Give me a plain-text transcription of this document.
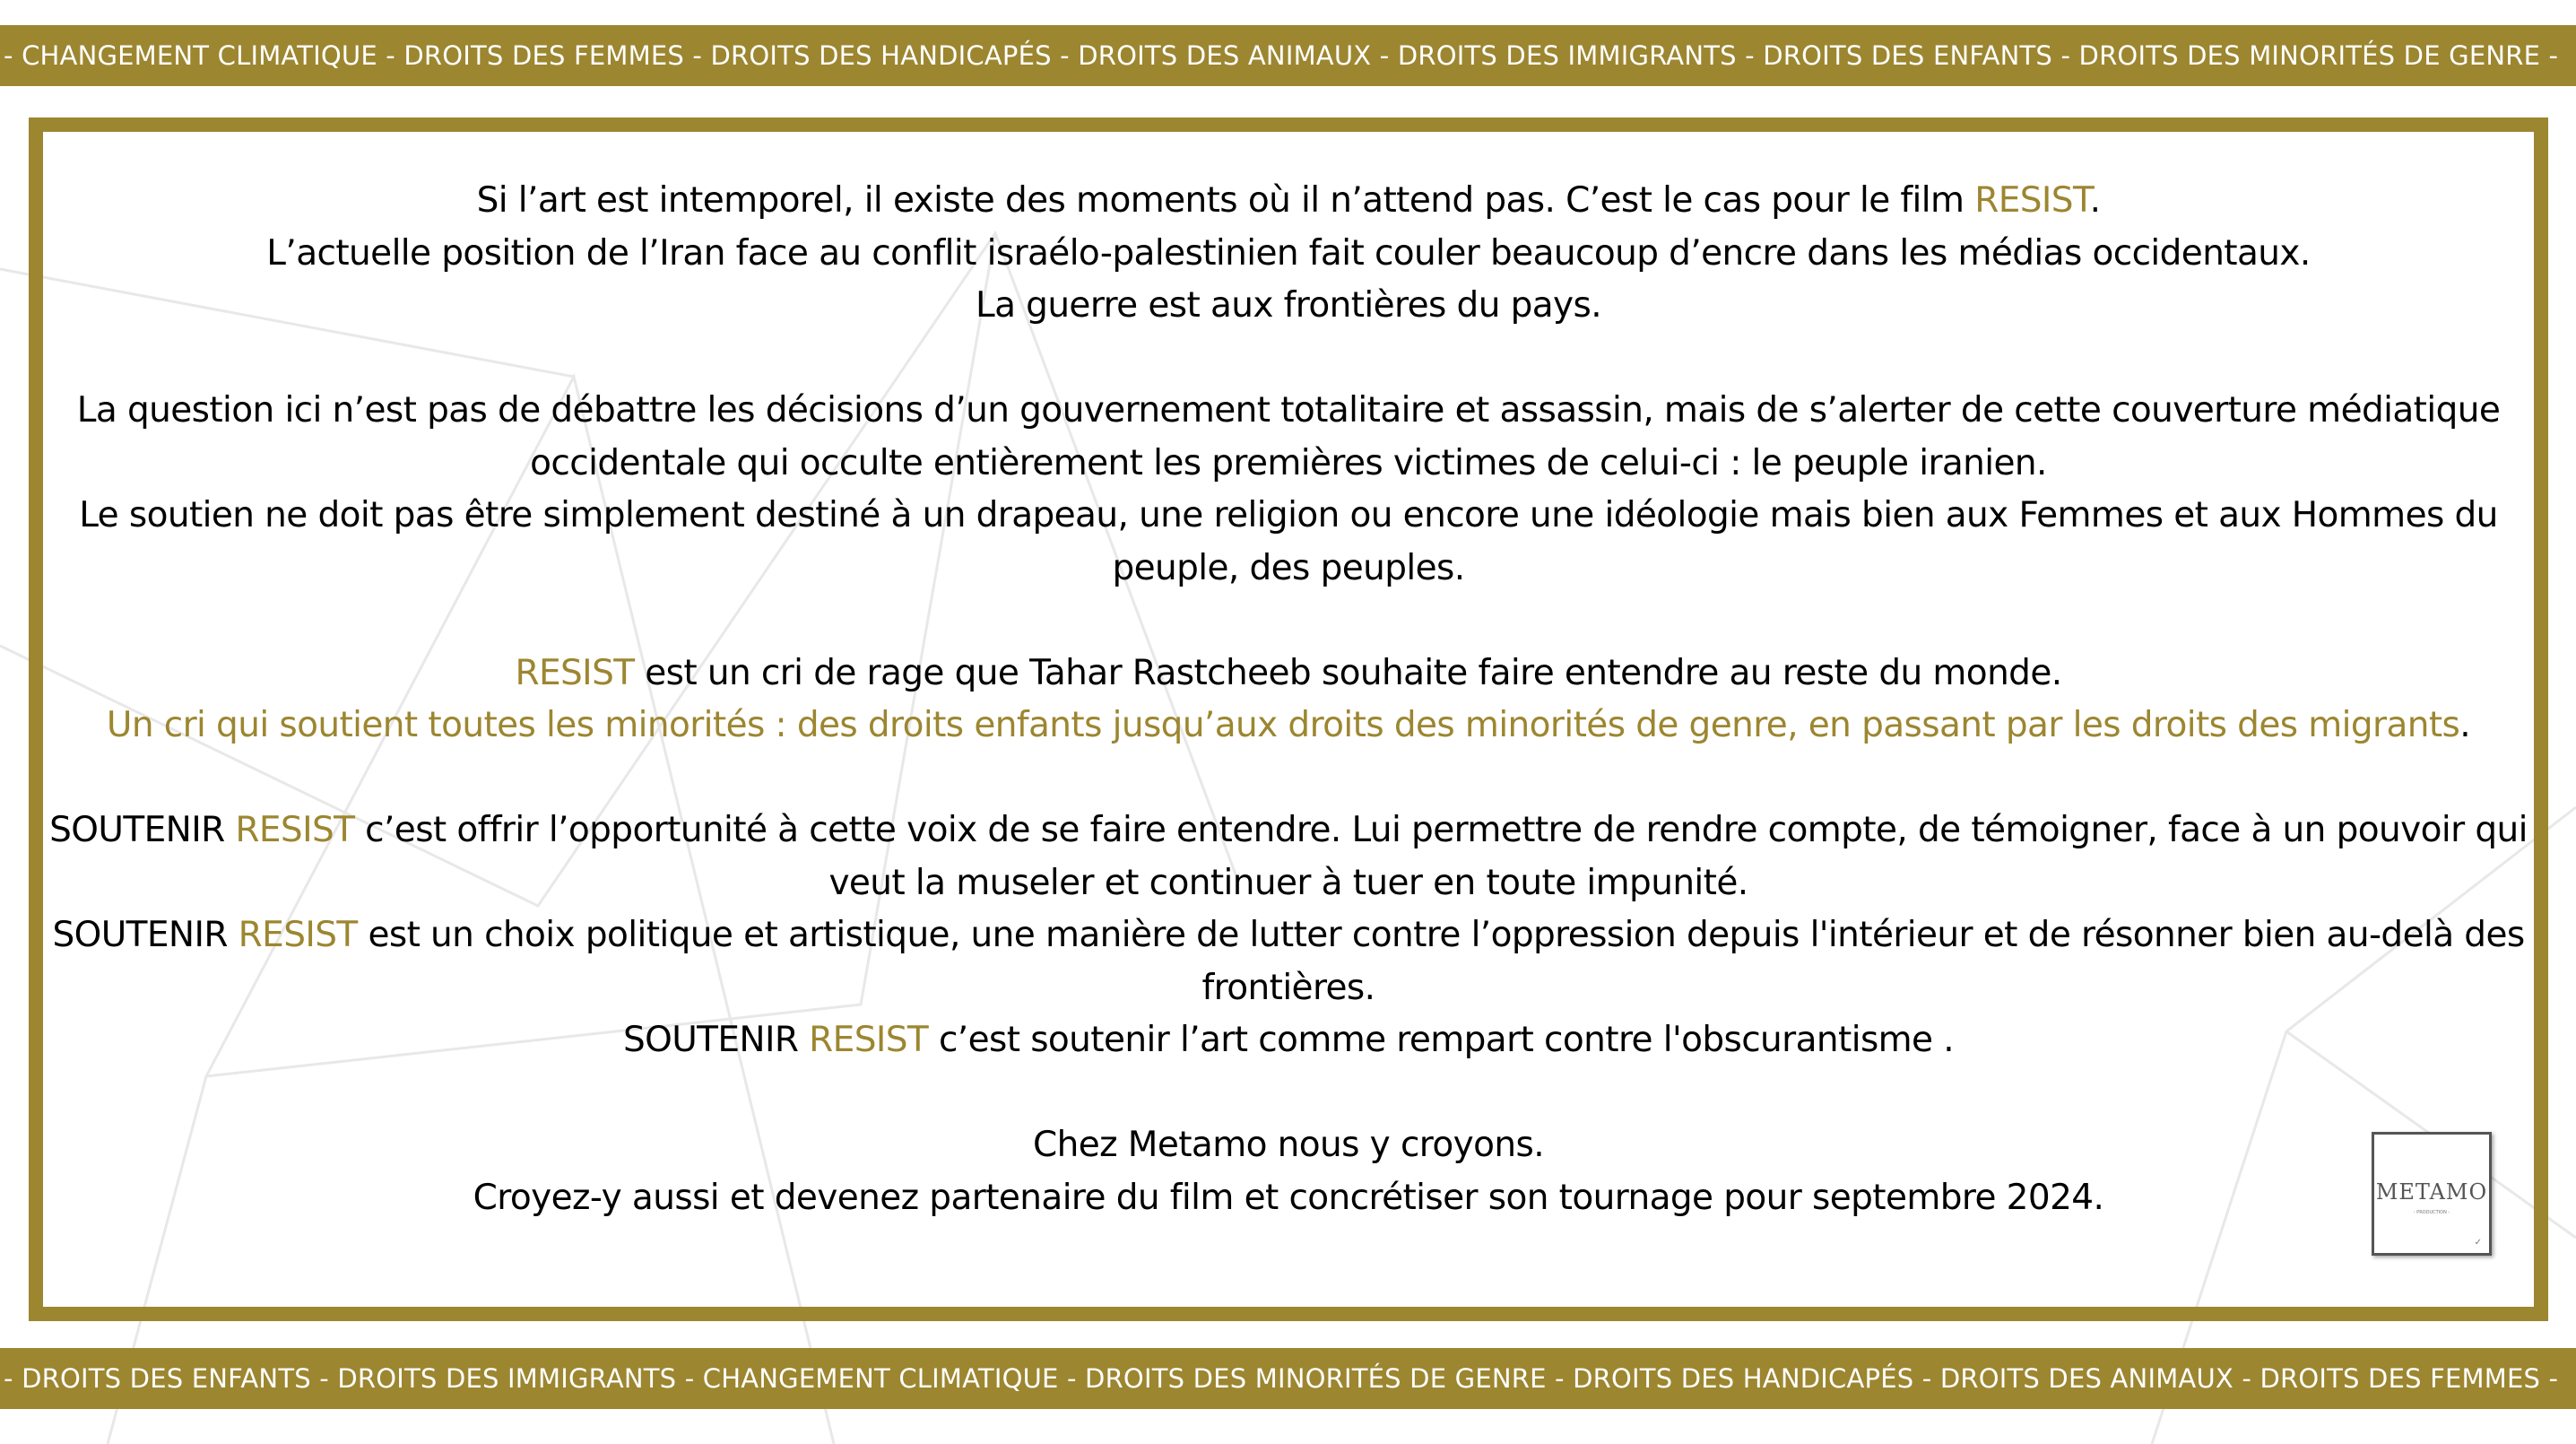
- CHANGEMENT CLIMATIQUE - DROITS DES FEMMES - DROITS DES HANDICAPÉS - DROITS DES ANIMAUX - DROITS DES IMMIGRANTS - DROITS DES ENFANTS - DROITS DES MINORITÉS DE GENRE -

Si l’art est intemporel, il existe des moments où il n’attend pas. C’est le cas pour le film RESIST.

L’actuelle position de l’Iran face au conflit israélo-palestinien fait couler beaucoup d’encre dans les médias occidentaux.

La guerre est aux frontières du pays.

La question ici n’est pas de débattre les décisions d’un gouvernement totalitaire et assassin, mais de s’alerter de cette couverture médiatique occidentale qui occulte entièrement les premières victimes de celui-ci : le peuple iranien.

Le soutien ne doit pas être simplement destiné à un drapeau, une religion ou encore une idéologie mais bien aux Femmes et aux Hommes du peuple, des peuples.

RESIST est un cri de rage que Tahar Rastcheeb souhaite faire entendre au reste du monde.

Un cri qui soutient toutes les minorités : des droits enfants jusqu’aux droits des minorités de genre, en passant par les droits des migrants.

SOUTENIR RESIST c’est offrir l’opportunité à cette voix de se faire entendre. Lui permettre de rendre compte, de témoigner, face à un pouvoir qui veut la museler et continuer à tuer en toute impunité.

SOUTENIR RESIST est un choix politique et artistique, une manière de lutter contre l’oppression depuis l'intérieur et de résonner bien au-delà des frontières.

SOUTENIR RESIST c’est soutenir l’art comme rempart contre l'obscurantisme .

Chez Metamo nous y croyons.

Croyez-y aussi et devenez partenaire du film et concrétiser son tournage pour septembre 2024.	METAMO
- PRODUCTION -
✓
- DROITS DES ENFANTS - DROITS DES IMMIGRANTS - CHANGEMENT CLIMATIQUE - DROITS DES MINORITÉS DE GENRE - DROITS DES HANDICAPÉS - DROITS DES ANIMAUX - DROITS DES FEMMES -
